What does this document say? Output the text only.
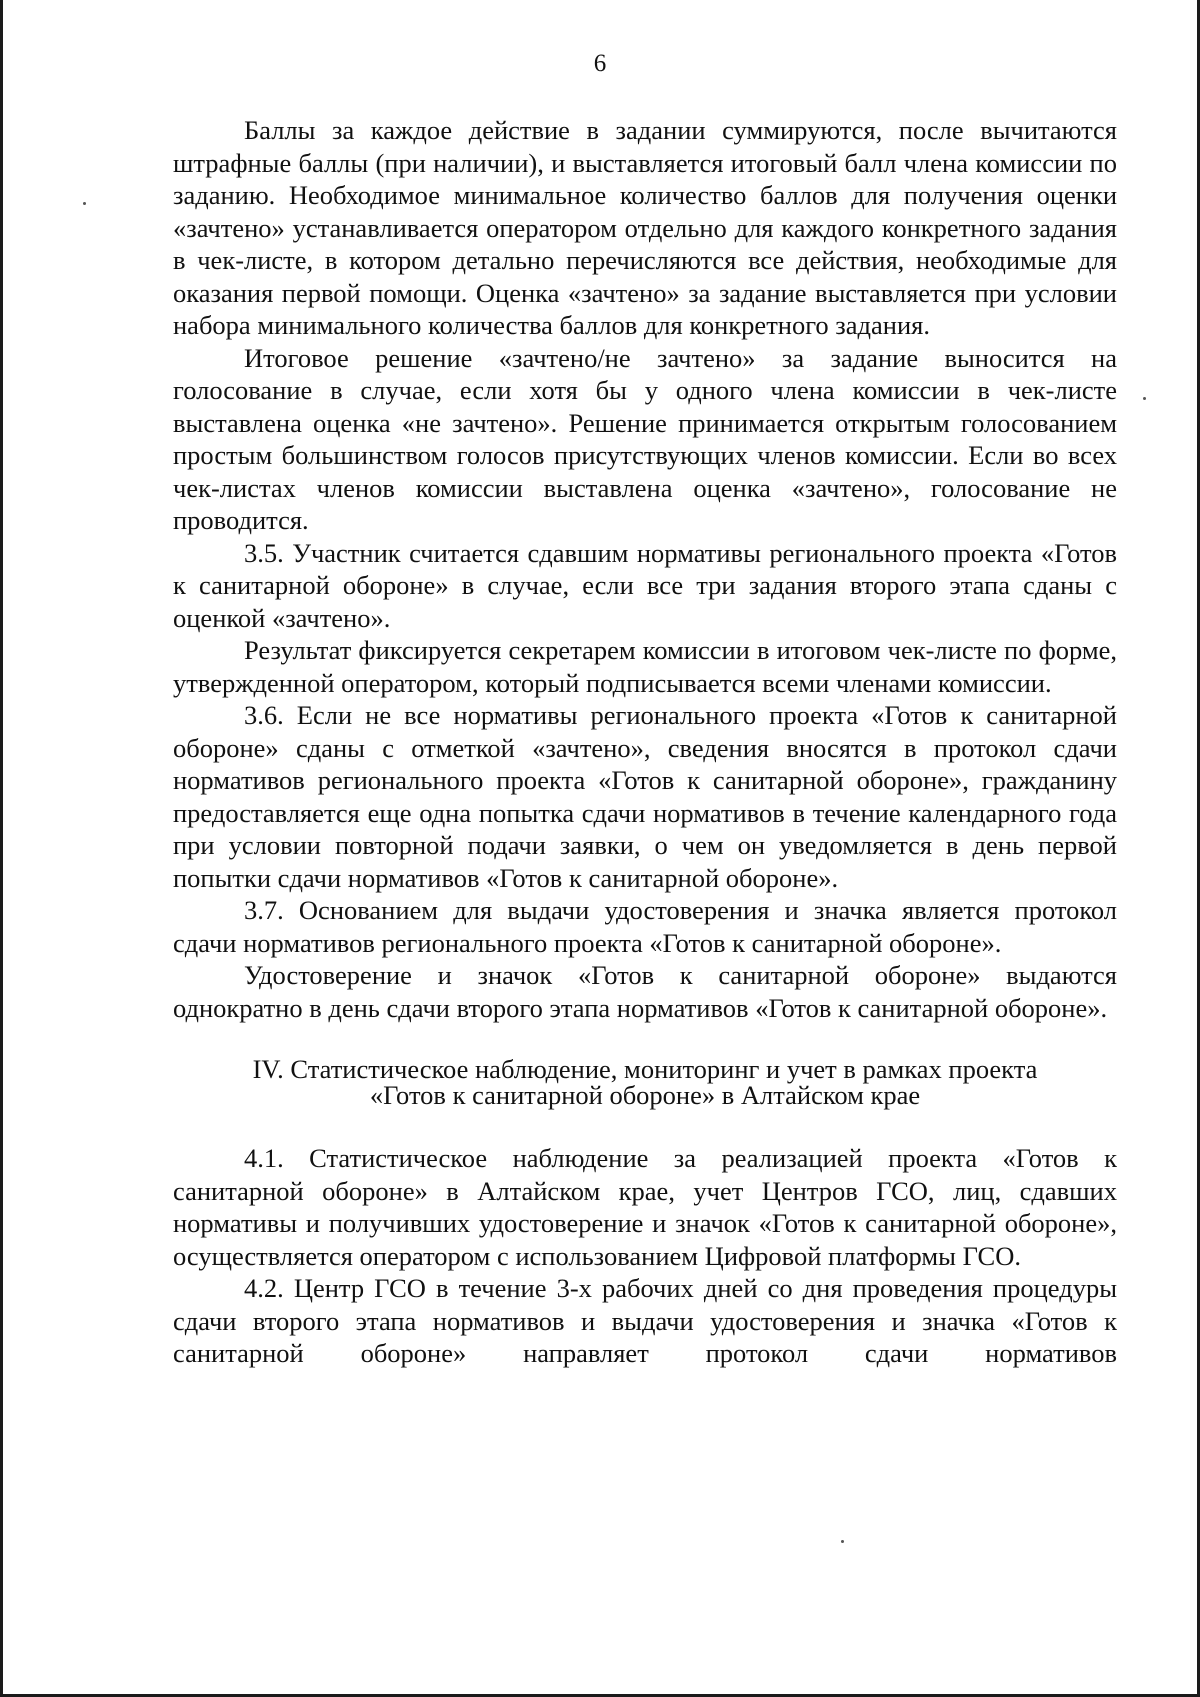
6

Баллы за каждое действие в задании суммируются, после вычитаются штрафные баллы (при наличии), и выставляется итоговый балл члена комиссии по заданию. Необходимое минимальное количество баллов для получения оценки «зачтено» устанавливается оператором отдельно для каждого конкретного задания в чек-листе, в котором детально перечисляются все действия, необходимые для оказания первой помощи. Оценка «зачтено» за задание выставляется при условии набора минимального количества баллов для конкретного задания.

Итоговое решение «зачтено/не зачтено» за задание выносится на голосование в случае, если хотя бы у одного члена комиссии в чек-листе выставлена оценка «не зачтено». Решение принимается открытым голосованием простым большинством голосов присутствующих членов комиссии. Если во всех чек-листах членов комиссии выставлена оценка «зачтено», голосование не проводится.

3.5. Участник считается сдавшим нормативы регионального проекта «Готов к санитарной обороне» в случае, если все три задания второго этапа сданы с оценкой «зачтено».

Результат фиксируется секретарем комиссии в итоговом чек-листе по форме, утвержденной оператором, который подписывается всеми членами комиссии.

3.6. Если не все нормативы регионального проекта «Готов к санитарной обороне» сданы с отметкой «зачтено», сведения вносятся в протокол сдачи нормативов регионального проекта «Готов к санитарной обороне», гражданину предоставляется еще одна попытка сдачи нормативов в течение календарного года при условии повторной подачи заявки, о чем он уведомляется в день первой попытки сдачи нормативов «Готов к санитарной обороне».

3.7. Основанием для выдачи удостоверения и значка является протокол сдачи нормативов регионального проекта «Готов к санитарной обороне».

Удостоверение и значок «Готов к санитарной обороне» выдаются однократно в день сдачи второго этапа нормативов «Готов к санитарной обороне».

IV. Статистическое наблюдение, мониторинг и учет в рамках проекта
«Готов к санитарной обороне» в Алтайском крае

4.1. Статистическое наблюдение за реализацией проекта «Готов к санитарной обороне» в Алтайском крае, учет Центров ГСО, лиц, сдавших нормативы и получивших удостоверение и значок «Готов к санитарной обороне», осуществляется оператором с использованием Цифровой платформы ГСО.

4.2. Центр ГСО в течение 3-х рабочих дней со дня проведения процедуры сдачи второго этапа нормативов и выдачи удостоверения и значка «Готов к санитарной обороне» направляет протокол сдачи нормативов
